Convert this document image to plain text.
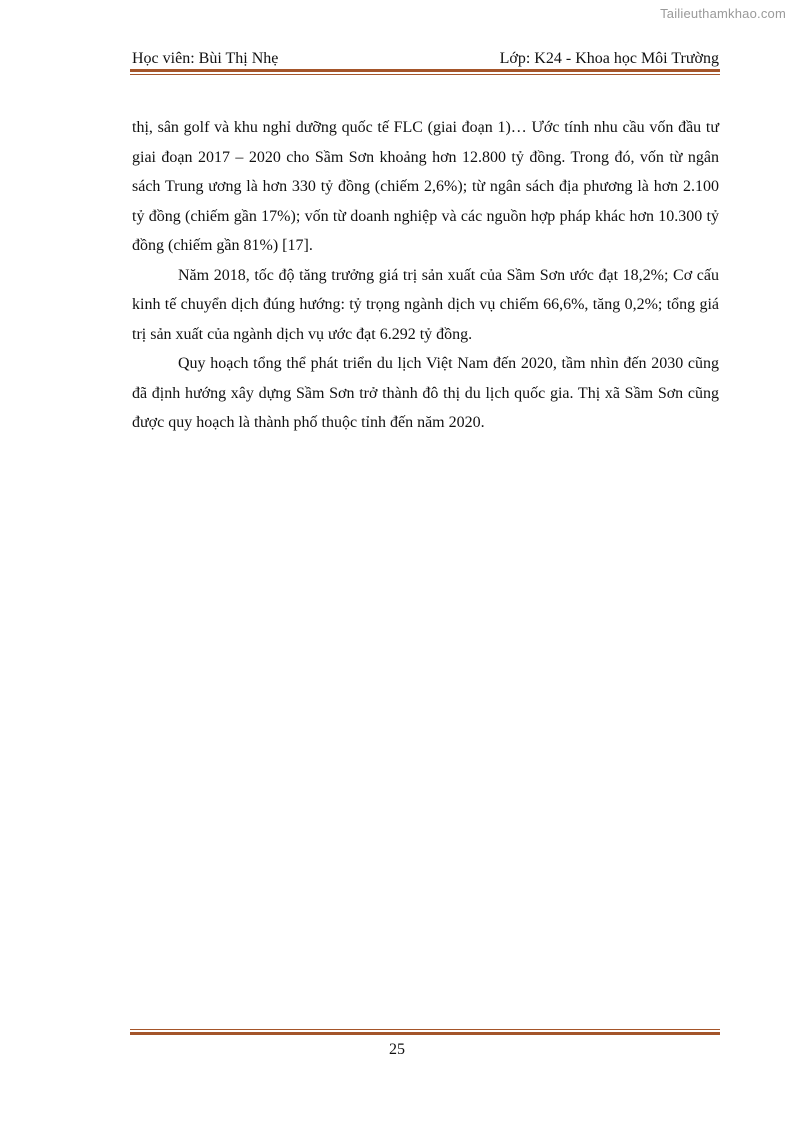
Tailieuthamkhao.com
Học viên: Bùi Thị Nhẹ	Lớp: K24 - Khoa học Môi Trường

thị, sân golf và khu nghỉ dưỡng quốc tế FLC (giai đoạn 1)… Ước tính nhu cầu vốn đầu tư giai đoạn 2017 – 2020 cho Sầm Sơn khoảng hơn 12.800 tỷ đồng. Trong đó, vốn từ ngân sách Trung ương là hơn 330 tỷ đồng (chiếm 2,6%); từ ngân sách địa phương là hơn 2.100 tỷ đồng (chiếm gần 17%); vốn từ doanh nghiệp và các nguồn hợp pháp khác hơn 10.300 tỷ đồng (chiếm gần 81%) [17].

Năm 2018, tốc độ tăng trưởng giá trị sản xuất của Sầm Sơn ước đạt 18,2%; Cơ cấu kinh tế chuyển dịch đúng hướng: tỷ trọng ngành dịch vụ chiếm 66,6%, tăng 0,2%; tổng giá trị sản xuất của ngành dịch vụ ước đạt 6.292 tỷ đồng.

Quy hoạch tổng thể phát triển du lịch Việt Nam đến 2020, tầm nhìn đến 2030 cũng đã định hướng xây dựng Sầm Sơn trở thành đô thị du lịch quốc gia. Thị xã Sầm Sơn cũng được quy hoạch là thành phố thuộc tỉnh đến năm 2020.

25
